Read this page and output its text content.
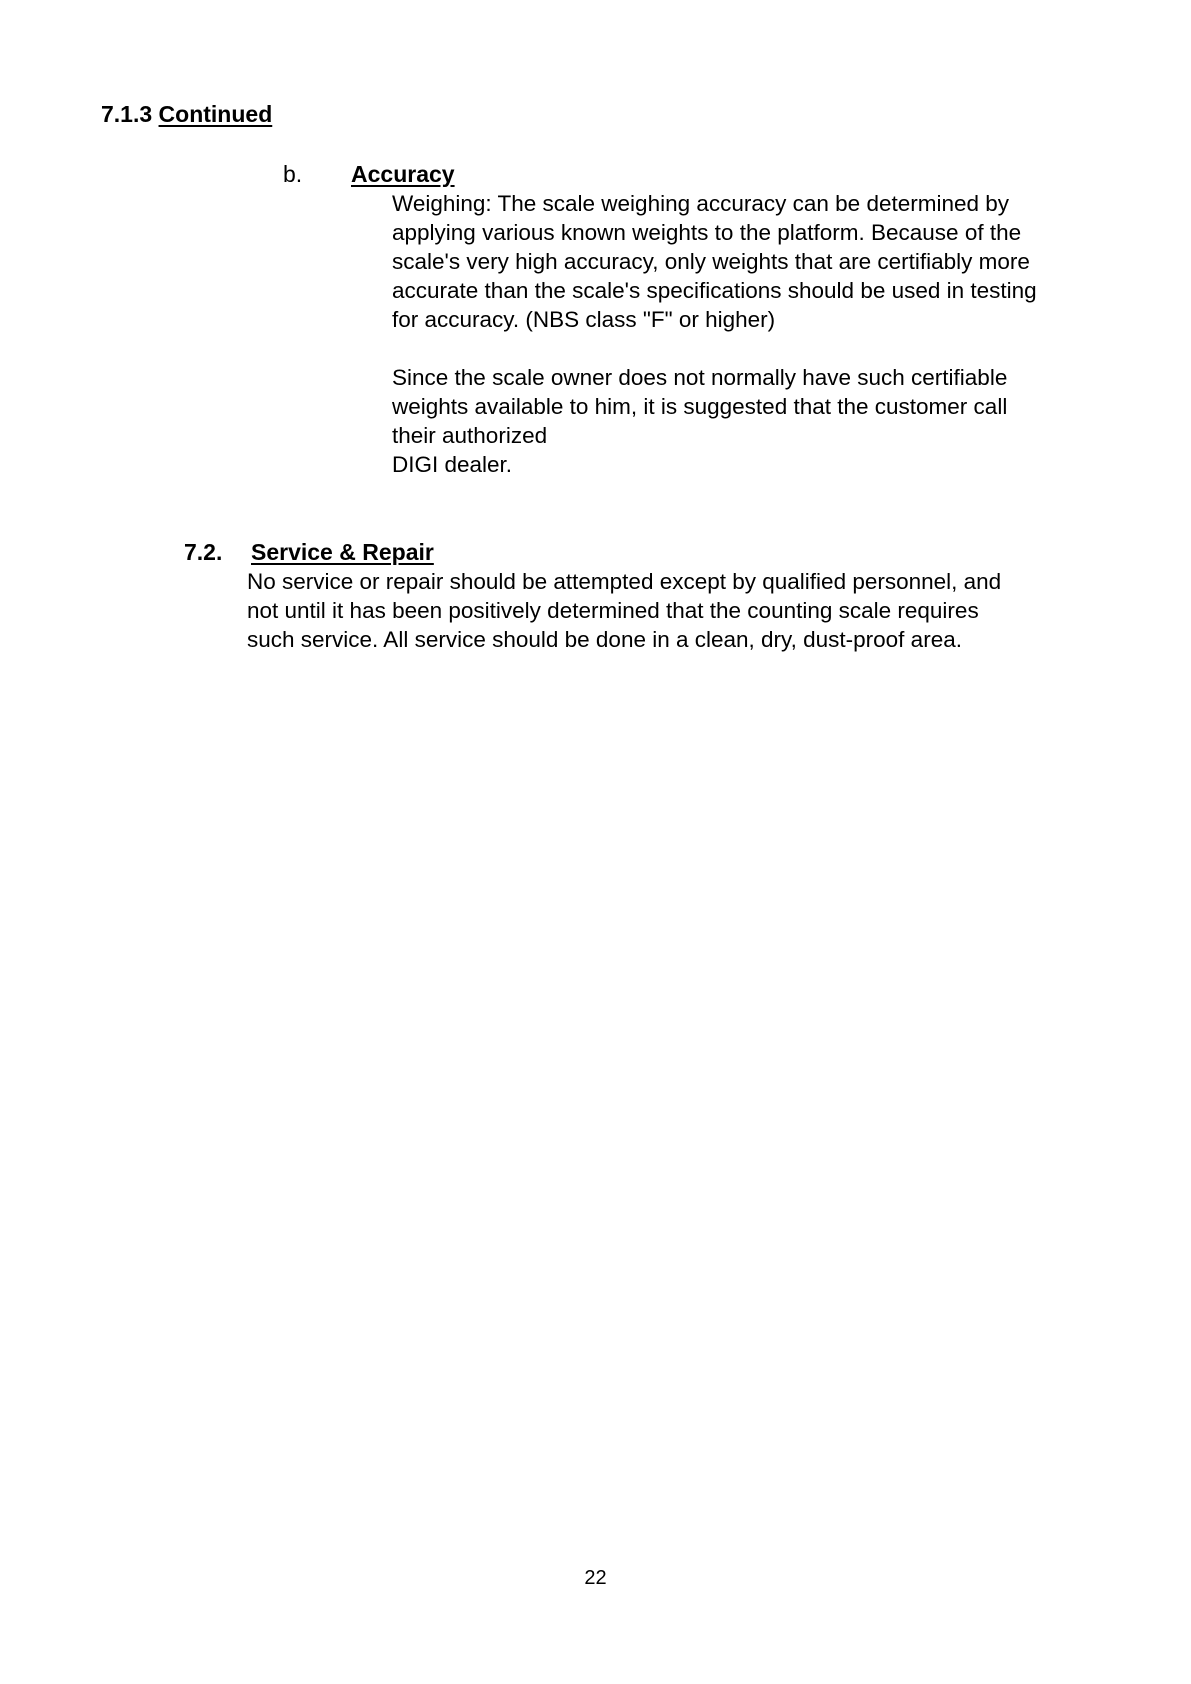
7.1.3 Continued
b. Accuracy

Weighing: The scale weighing accuracy can be determined by
applying various known weights to the platform. Because of the
scale's very high accuracy, only weights that are certifiably more
accurate than the scale's specifications should be used in testing
for accuracy. (NBS class "F" or higher)

Since the scale owner does not normally have such certifiable
weights available to him, it is suggested that the customer call
their authorized
DIGI dealer.

7.2. Service & Repair

No service or repair should be attempted except by qualified personnel, and
not until it has been positively determined that the counting scale requires
such service. All service should be done in a clean, dry, dust-proof area.

22
